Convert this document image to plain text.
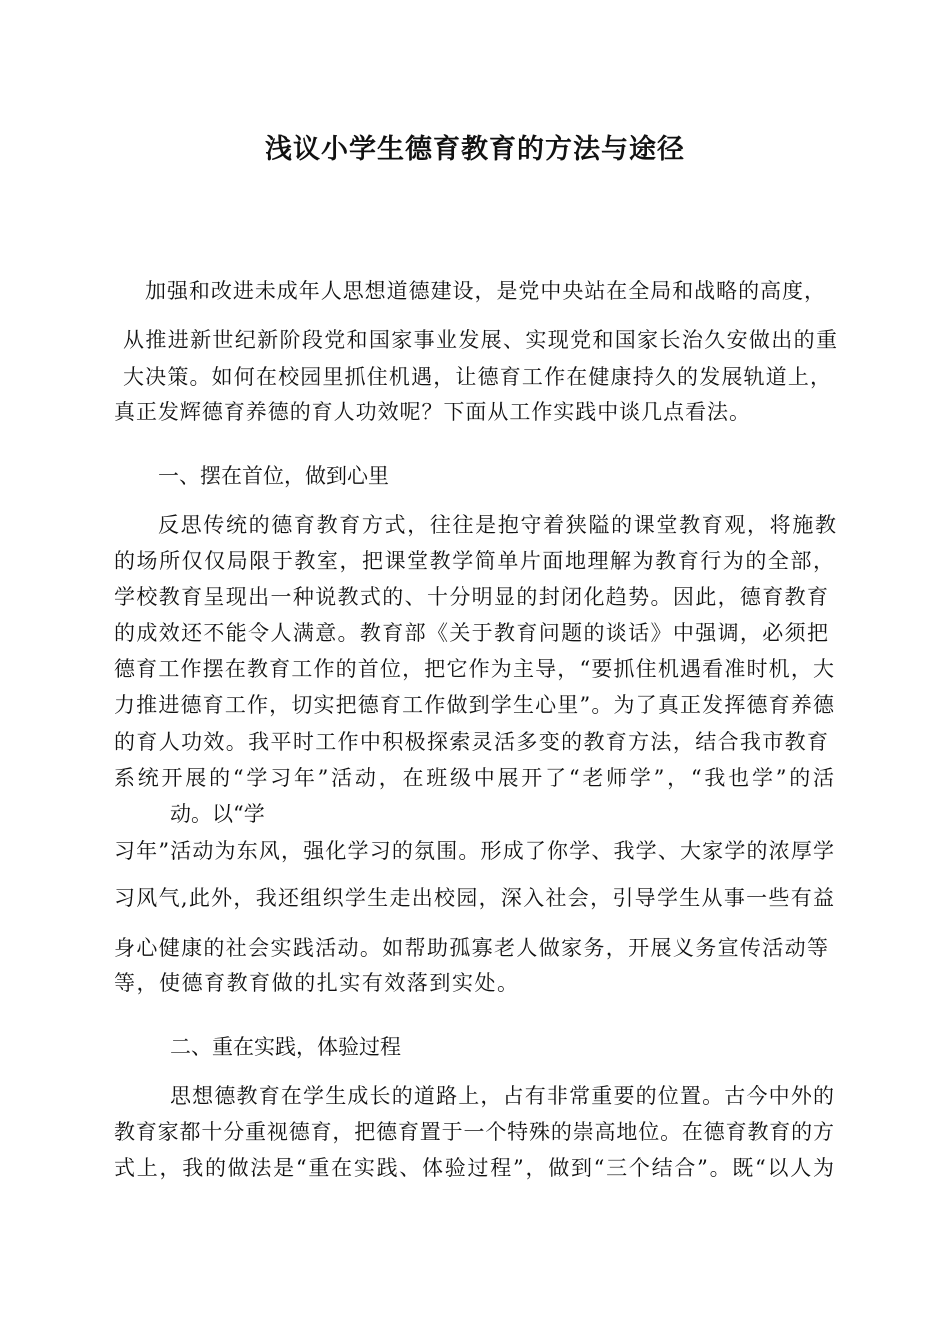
浅议小学生德育教育的方法与途径
加强和改进未成年人思想道德建设，是党中央站在全局和战略的高度，
从推进新世纪新阶段党和国家事业发展、实现党和国家长治久安做出的重
大决策。如何在校园里抓住机遇，让德育工作在健康持久的发展轨道上，
真正发辉德育养德的育人功效呢？下面从工作实践中谈几点看法。
一、摆在首位，做到心里
反思传统的德育教育方式，往往是抱守着狭隘的课堂教育观，将施教
的场所仅仅局限于教室，把课堂教学简单片面地理解为教育行为的全部，
学校教育呈现出一种说教式的、十分明显的封闭化趋势。因此，德育教育
的成效还不能令人满意。教育部《关于教育问题的谈话》中强调，必须把
德育工作摆在教育工作的首位，把它作为主导，“要抓住机遇看准时机，大
力推进德育工作，切实把德育工作做到学生心里”。为了真正发挥德育养德
的育人功效。我平时工作中积极探索灵活多变的教育方法，结合我市教育
系统开展的“学习年”活动，在班级中展开了“老师学”，“我也学”的活
动。以“学
习年”活动为东风，强化学习的氛围。形成了你学、我学、大家学的浓厚学
习风气,此外，我还组织学生走出校园，深入社会，引导学生从事一些有益
身心健康的社会实践活动。如帮助孤寡老人做家务，开展义务宣传活动等
等，使德育教育做的扎实有效落到实处。
二、重在实践，体验过程
思想德教育在学生成长的道路上，占有非常重要的位置。古今中外的
教育家都十分重视德育，把德育置于一个特殊的崇高地位。在德育教育的方
式上，我的做法是“重在实践、体验过程”，做到“三个结合”。既“以人为
